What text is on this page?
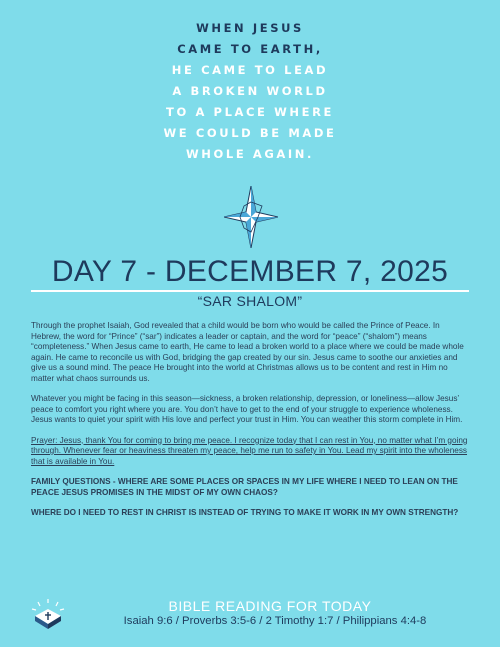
WHEN JESUS
CAME TO EARTH,
HE CAME TO LEAD
A BROKEN WORLD
TO A PLACE WHERE
WE COULD BE MADE
WHOLE AGAIN.
DAY 7 - DECEMBER 7, 2025
“SAR SHALOM”

Through the prophet Isaiah, God revealed that a child would be born who would be called the Prince of Peace. In Hebrew, the word for “Prince” (“sar”) indicates a leader or captain, and the word for “peace” (“shalom”) means “completeness.” When Jesus came to earth, He came to lead a broken world to a place where we could be made whole again. He came to reconcile us with God, bridging the gap created by our sin. Jesus came to soothe our anxieties and give us a sound mind. The peace He brought into the world at Christmas allows us to be content and rest in Him no matter what chaos surrounds us.

Whatever you might be facing in this season—sickness, a broken relationship, depression, or loneliness—allow Jesus’ peace to comfort you right where you are. You don’t have to get to the end of your struggle to experience wholeness. Jesus wants to quiet your spirit with His love and perfect your trust in Him. You can weather this storm complete in Him.

Prayer: Jesus, thank You for coming to bring me peace. I recognize today that I can rest in You, no matter what I’m going through. Whenever fear or heaviness threaten my peace, help me run to safety in You. Lead my spirit into the wholeness that is available in You.

FAMILY QUESTIONS - WHERE ARE SOME PLACES OR SPACES IN MY LIFE WHERE I NEED TO LEAN ON THE PEACE JESUS PROMISES IN THE MIDST OF MY OWN CHAOS?

WHERE DO I NEED TO REST IN CHRIST IS INSTEAD OF TRYING TO MAKE IT WORK IN MY OWN STRENGTH?

BIBLE READING FOR TODAY
Isaiah 9:6 / Proverbs 3:5-6 / 2 Timothy 1:7 / Philippians 4:4-8
